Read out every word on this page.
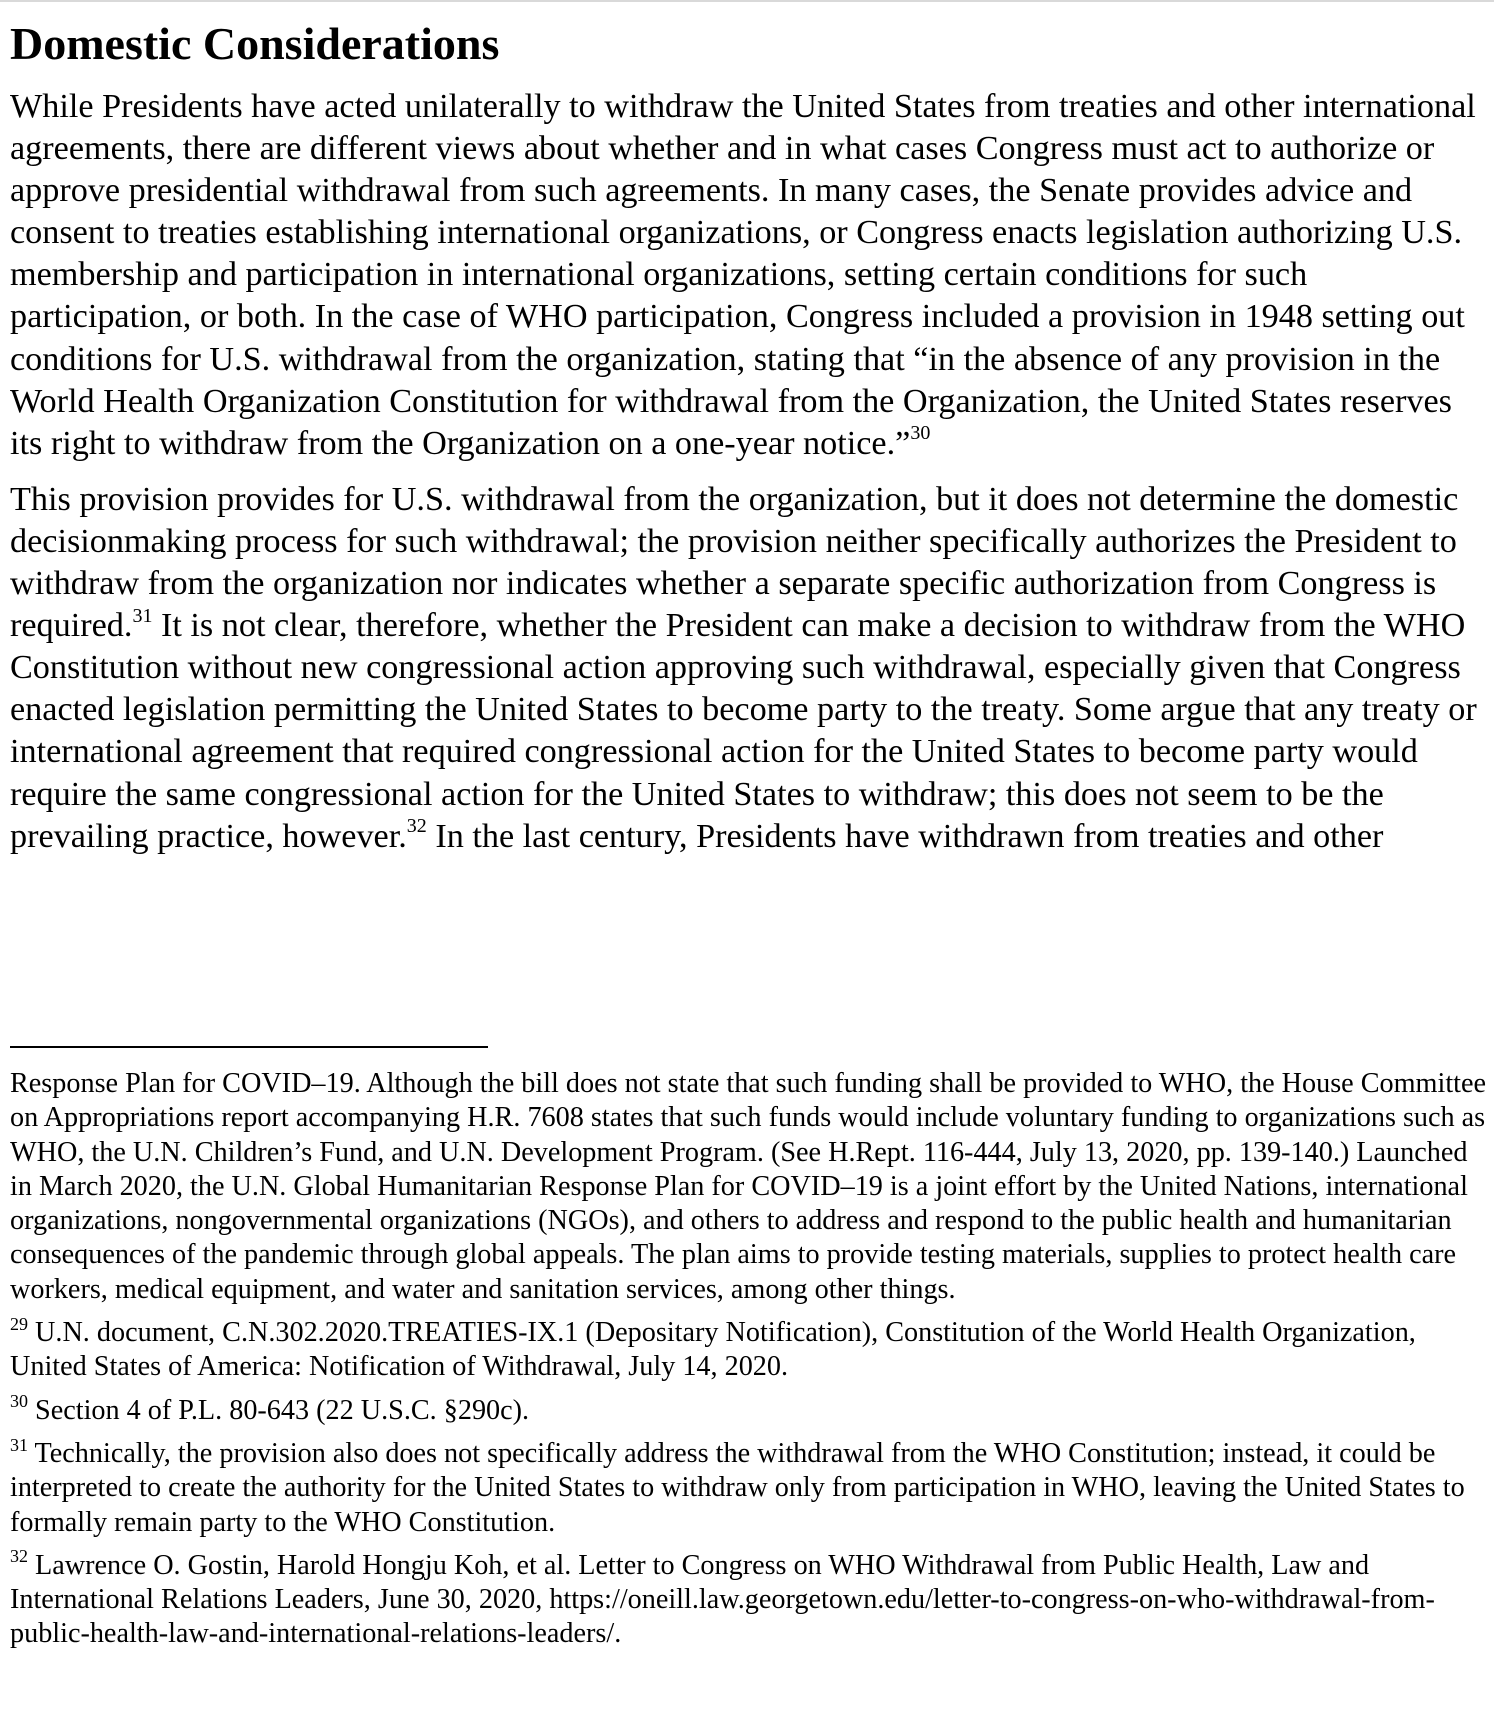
Domestic Considerations

While Presidents have acted unilaterally to withdraw the United States from treaties and other international agreements, there are different views about whether and in what cases Congress must act to authorize or approve presidential withdrawal from such agreements. In many cases, the Senate provides advice and consent to treaties establishing international organizations, or Congress enacts legislation authorizing U.S. membership and participation in international organizations, setting certain conditions for such participation, or both. In the case of WHO participation, Congress included a provision in 1948 setting out conditions for U.S. withdrawal from the organization, stating that “in the absence of any provision in the World Health Organization Constitution for withdrawal from the Organization, the United States reserves its right to withdraw from the Organization on a one-year notice.”$^{30}$

This provision provides for U.S. withdrawal from the organization, but it does not determine the domestic decisionmaking process for such withdrawal; the provision neither specifically authorizes the President to withdraw from the organization nor indicates whether a separate specific authorization from Congress is required.$^{31}$ It is not clear, therefore, whether the President can make a decision to withdraw from the WHO Constitution without new congressional action approving such withdrawal, especially given that Congress enacted legislation permitting the United States to become party to the treaty. Some argue that any treaty or international agreement that required congressional action for the United States to become party would require the same congressional action for the United States to withdraw; this does not seem to be the prevailing practice, however.$^{32}$ In the last century, Presidents have withdrawn from treaties and other

Response Plan for COVID–19. Although the bill does not state that such funding shall be provided to WHO, the House Committee on Appropriations report accompanying H.R. 7608 states that such funds would include voluntary funding to organizations such as WHO, the U.N. Children’s Fund, and U.N. Development Program. (See H.Rept. 116-444, July 13, 2020, pp. 139-140.) Launched in March 2020, the U.N. Global Humanitarian Response Plan for COVID–19 is a joint effort by the United Nations, international organizations, nongovernmental organizations (NGOs), and others to address and respond to the public health and humanitarian consequences of the pandemic through global appeals. The plan aims to provide testing materials, supplies to protect health care workers, medical equipment, and water and sanitation services, among other things.

$^{29}$ U.N. document, C.N.302.2020.TREATIES-IX.1 (Depositary Notification), Constitution of the World Health Organization, United States of America: Notification of Withdrawal, July 14, 2020.

$^{30}$ Section 4 of P.L. 80-643 (22 U.S.C. §290c).

$^{31}$ Technically, the provision also does not specifically address the withdrawal from the WHO Constitution; instead, it could be interpreted to create the authority for the United States to withdraw only from participation in WHO, leaving the United States to formally remain party to the WHO Constitution.

$^{32}$ Lawrence O. Gostin, Harold Hongju Koh, et al. Letter to Congress on WHO Withdrawal from Public Health, Law and International Relations Leaders, June 30, 2020, https://oneill.law.georgetown.edu/letter-to-congress-on-who-withdrawal-from-public-health-law-and-international-relations-leaders/.
